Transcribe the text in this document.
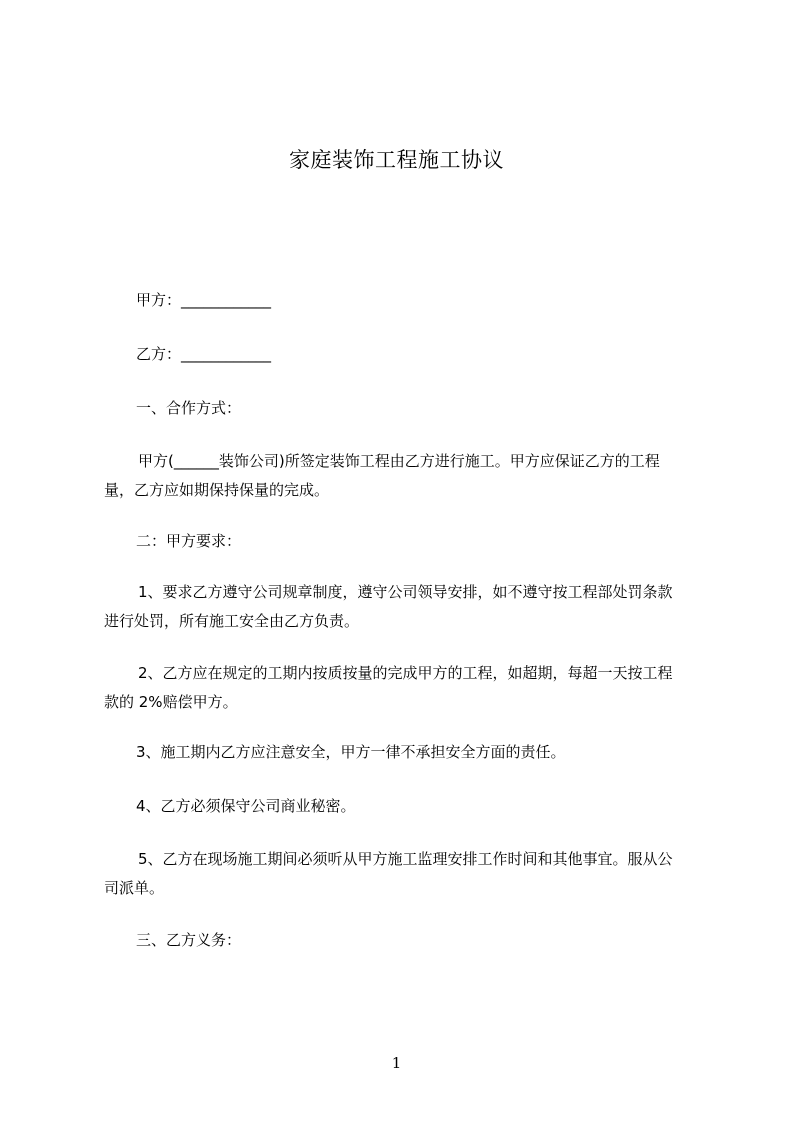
家庭装饰工程施工协议
甲方：____________
乙方：____________
一、合作方式：
甲方(______装饰公司)所签定装饰工程由乙方进行施工。甲方应保证乙方的工程
量，乙方应如期保持保量的完成。
二：甲方要求：
1、要求乙方遵守公司规章制度，遵守公司领导安排，如不遵守按工程部处罚条款
进行处罚，所有施工安全由乙方负责。
2、乙方应在规定的工期内按质按量的完成甲方的工程，如超期，每超一天按工程
款的 2%赔偿甲方。
3、施工期内乙方应注意安全，甲方一律不承担安全方面的责任。
4、乙方必须保守公司商业秘密。
5、乙方在现场施工期间必须听从甲方施工监理安排工作时间和其他事宜。服从公
司派单。
三、乙方义务：
1
